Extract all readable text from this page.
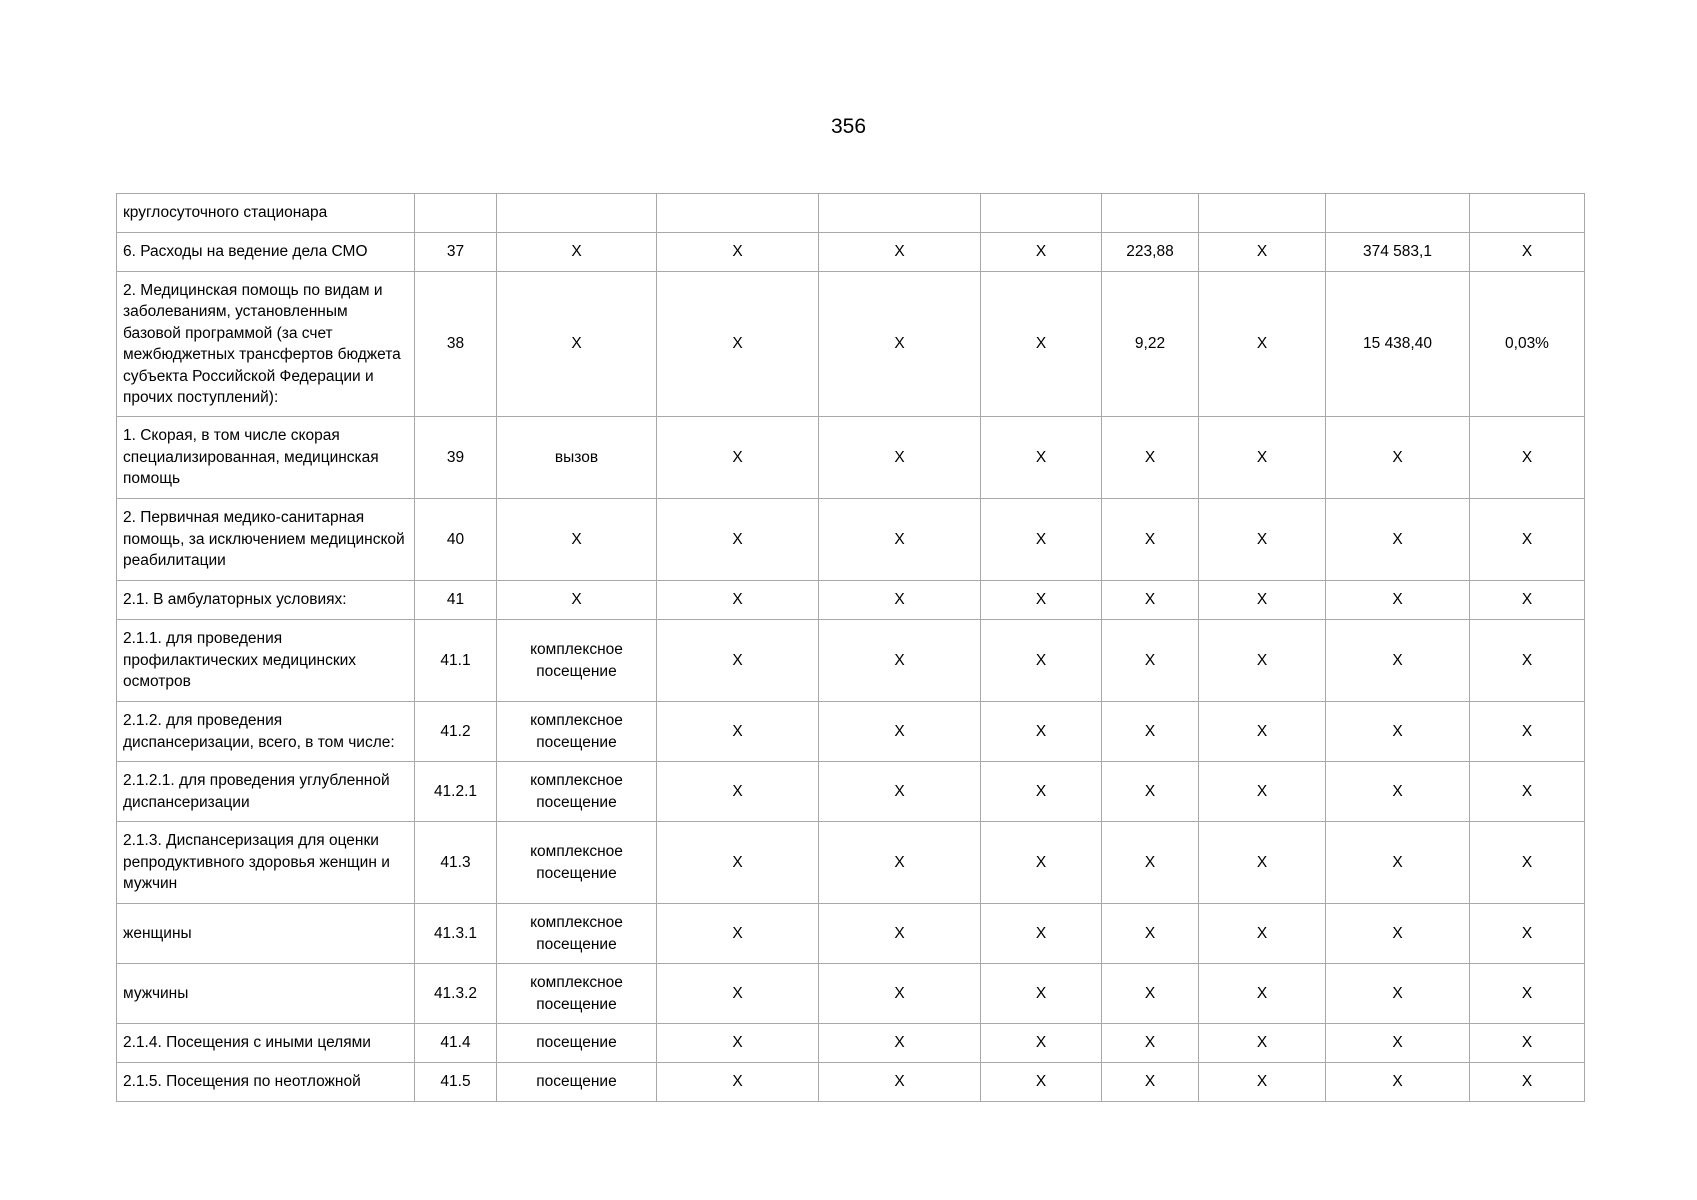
356
круглосуточного стационара									
6. Расходы на ведение дела СМО	37	X	X	X	X	223,88	X	374 583,1	X
2. Медицинская помощь по видам и заболеваниям, установленным базовой программой (за счет межбюджетных трансфертов бюджета субъекта Российской Федерации и прочих поступлений):	38	X	X	X	X	9,22	X	15 438,40	0,03%
1. Скорая, в том числе скорая специализированная, медицинская помощь	39	вызов	X	X	X	X	X	X	X
2. Первичная медико-санитарная помощь, за исключением медицинской реабилитации	40	X	X	X	X	X	X	X	X
2.1. В амбулаторных условиях:	41	X	X	X	X	X	X	X	X
2.1.1. для проведения профилактических медицинских осмотров	41.1	комплексное посещение	X	X	X	X	X	X	X
2.1.2. для проведения диспансеризации, всего, в том числе:	41.2	комплексное посещение	X	X	X	X	X	X	X
2.1.2.1. для проведения углубленной диспансеризации	41.2.1	комплексное посещение	X	X	X	X	X	X	X
2.1.3. Диспансеризация для оценки репродуктивного здоровья женщин и мужчин	41.3	комплексное посещение	X	X	X	X	X	X	X
женщины	41.3.1	комплексное посещение	X	X	X	X	X	X	X
мужчины	41.3.2	комплексное посещение	X	X	X	X	X	X	X
2.1.4. Посещения с иными целями	41.4	посещение	X	X	X	X	X	X	X
2.1.5. Посещения по неотложной	41.5	посещение	X	X	X	X	X	X	X
